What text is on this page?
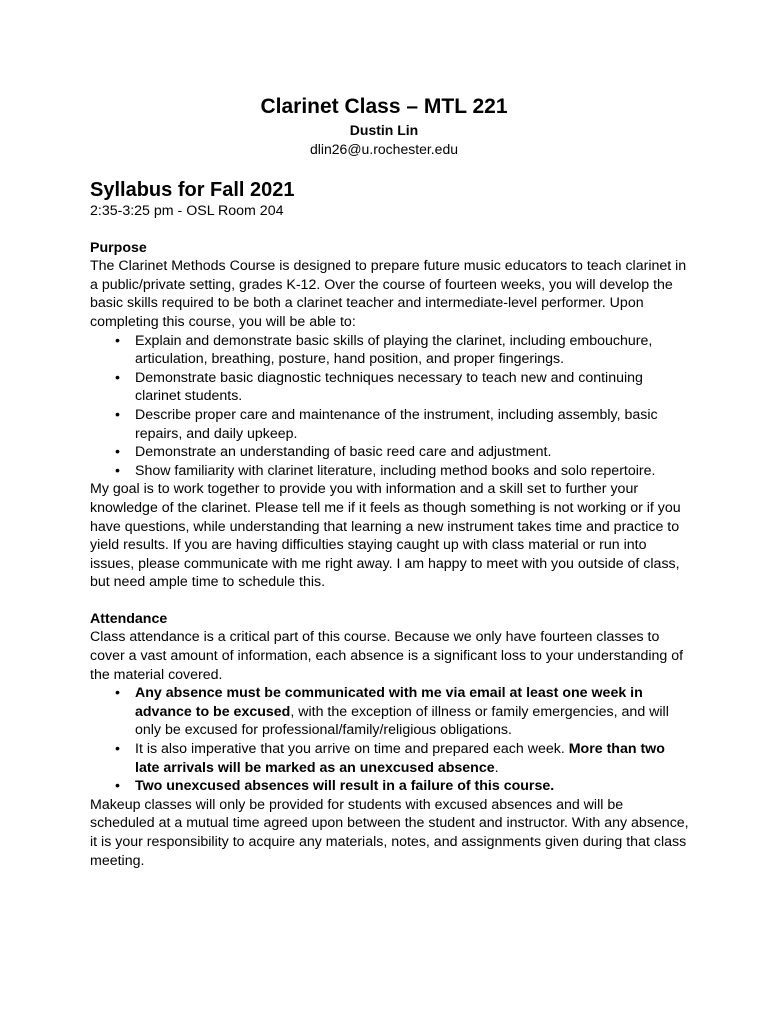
Clarinet Class – MTL 221
Dustin Lin
dlin26@u.rochester.edu
Syllabus for Fall 2021
2:35-3:25 pm - OSL Room 204
Purpose

The Clarinet Methods Course is designed to prepare future music educators to teach clarinet in a public/private setting, grades K-12. Over the course of fourteen weeks, you will develop the basic skills required to be both a clarinet teacher and intermediate-level performer. Upon completing this course, you will be able to:

• Explain and demonstrate basic skills of playing the clarinet, including embouchure, articulation, breathing, posture, hand position, and proper fingerings.
• Demonstrate basic diagnostic techniques necessary to teach new and continuing clarinet students.
• Describe proper care and maintenance of the instrument, including assembly, basic repairs, and daily upkeep.
• Demonstrate an understanding of basic reed care and adjustment.
• Show familiarity with clarinet literature, including method books and solo repertoire.

My goal is to work together to provide you with information and a skill set to further your knowledge of the clarinet. Please tell me if it feels as though something is not working or if you have questions, while understanding that learning a new instrument takes time and practice to yield results. If you are having difficulties staying caught up with class material or run into issues, please communicate with me right away. I am happy to meet with you outside of class, but need ample time to schedule this.

Attendance

Class attendance is a critical part of this course. Because we only have fourteen classes to cover a vast amount of information, each absence is a significant loss to your understanding of the material covered.

• Any absence must be communicated with me via email at least one week in advance to be excused, with the exception of illness or family emergencies, and will only be excused for professional/family/religious obligations.
• It is also imperative that you arrive on time and prepared each week. More than two late arrivals will be marked as an unexcused absence.
• Two unexcused absences will result in a failure of this course.

Makeup classes will only be provided for students with excused absences and will be scheduled at a mutual time agreed upon between the student and instructor. With any absence, it is your responsibility to acquire any materials, notes, and assignments given during that class meeting.
